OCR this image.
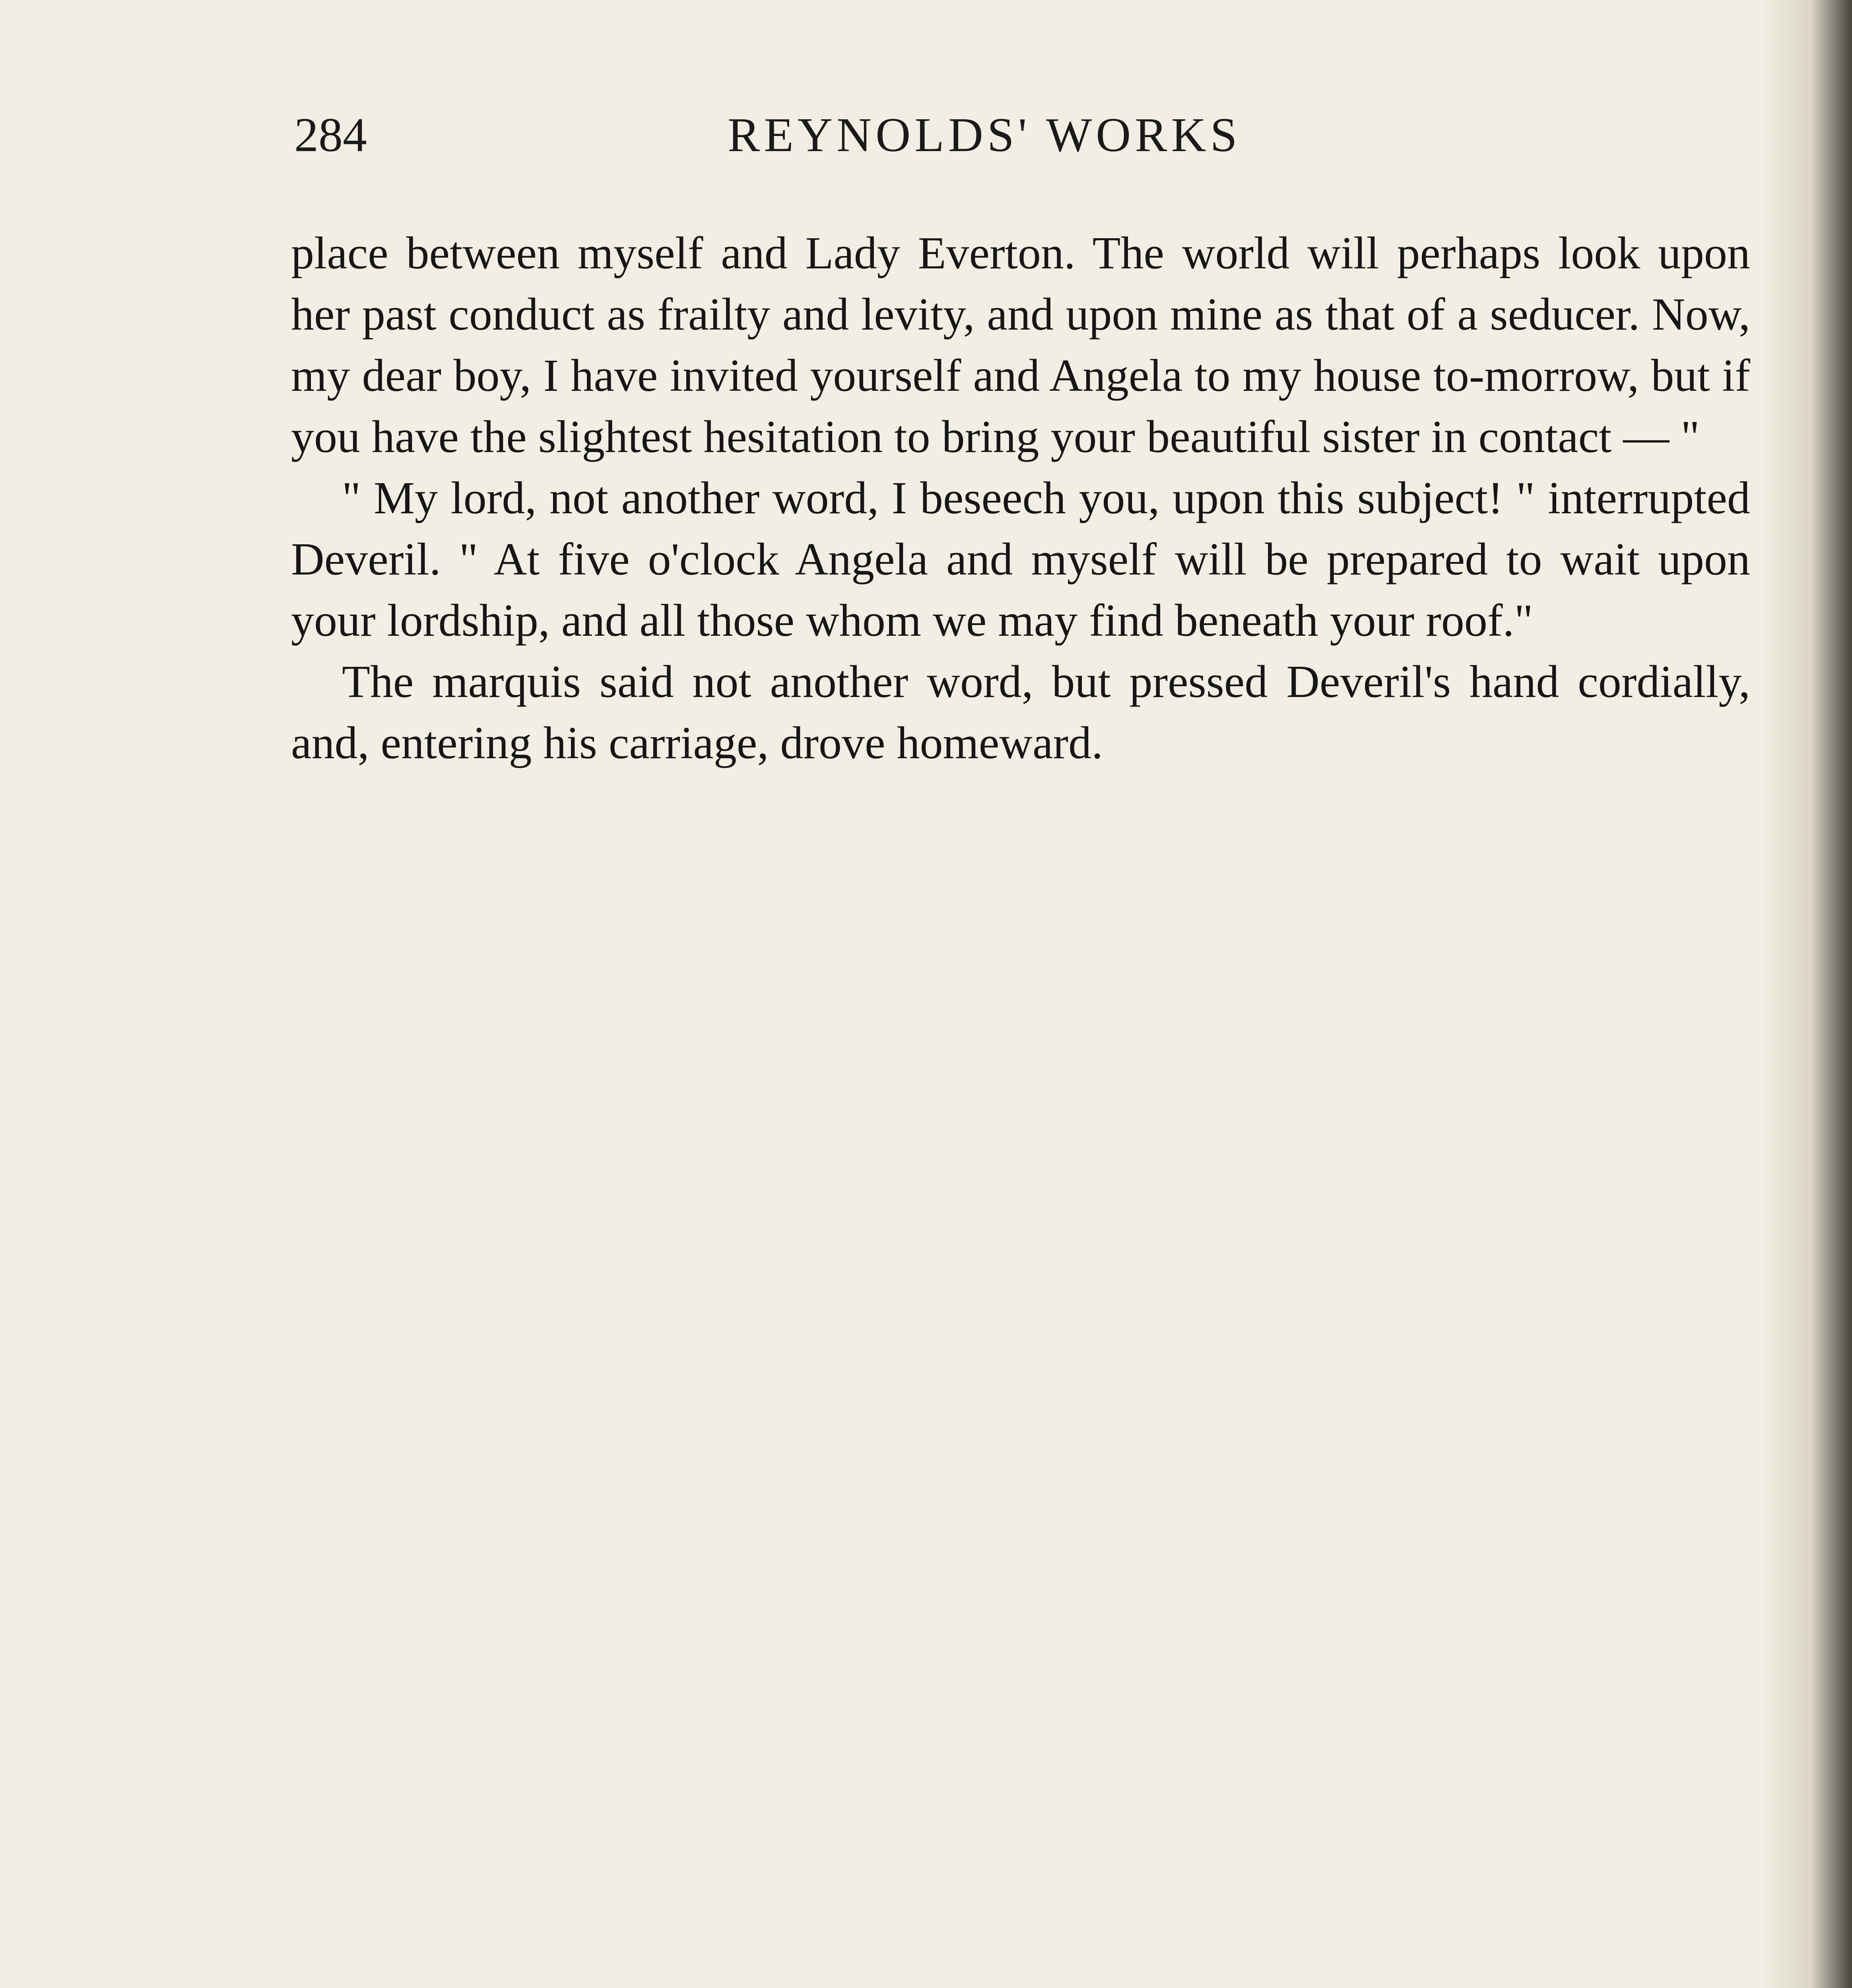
284	REYNOLDS' WORKS

place between myself and Lady Everton. The world will perhaps look upon her past conduct as frailty and levity, and upon mine as that of a seducer. Now, my dear boy, I have invited yourself and Angela to my house to-morrow, but if you have the slightest hesitation to bring your beautiful sister in contact — "

" My lord, not another word, I beseech you, upon this subject! " interrupted Deveril. " At five o'clock Angela and myself will be prepared to wait upon your lordship, and all those whom we may find beneath your roof."

The marquis said not another word, but pressed Deveril's hand cordially, and, entering his carriage, drove homeward.
